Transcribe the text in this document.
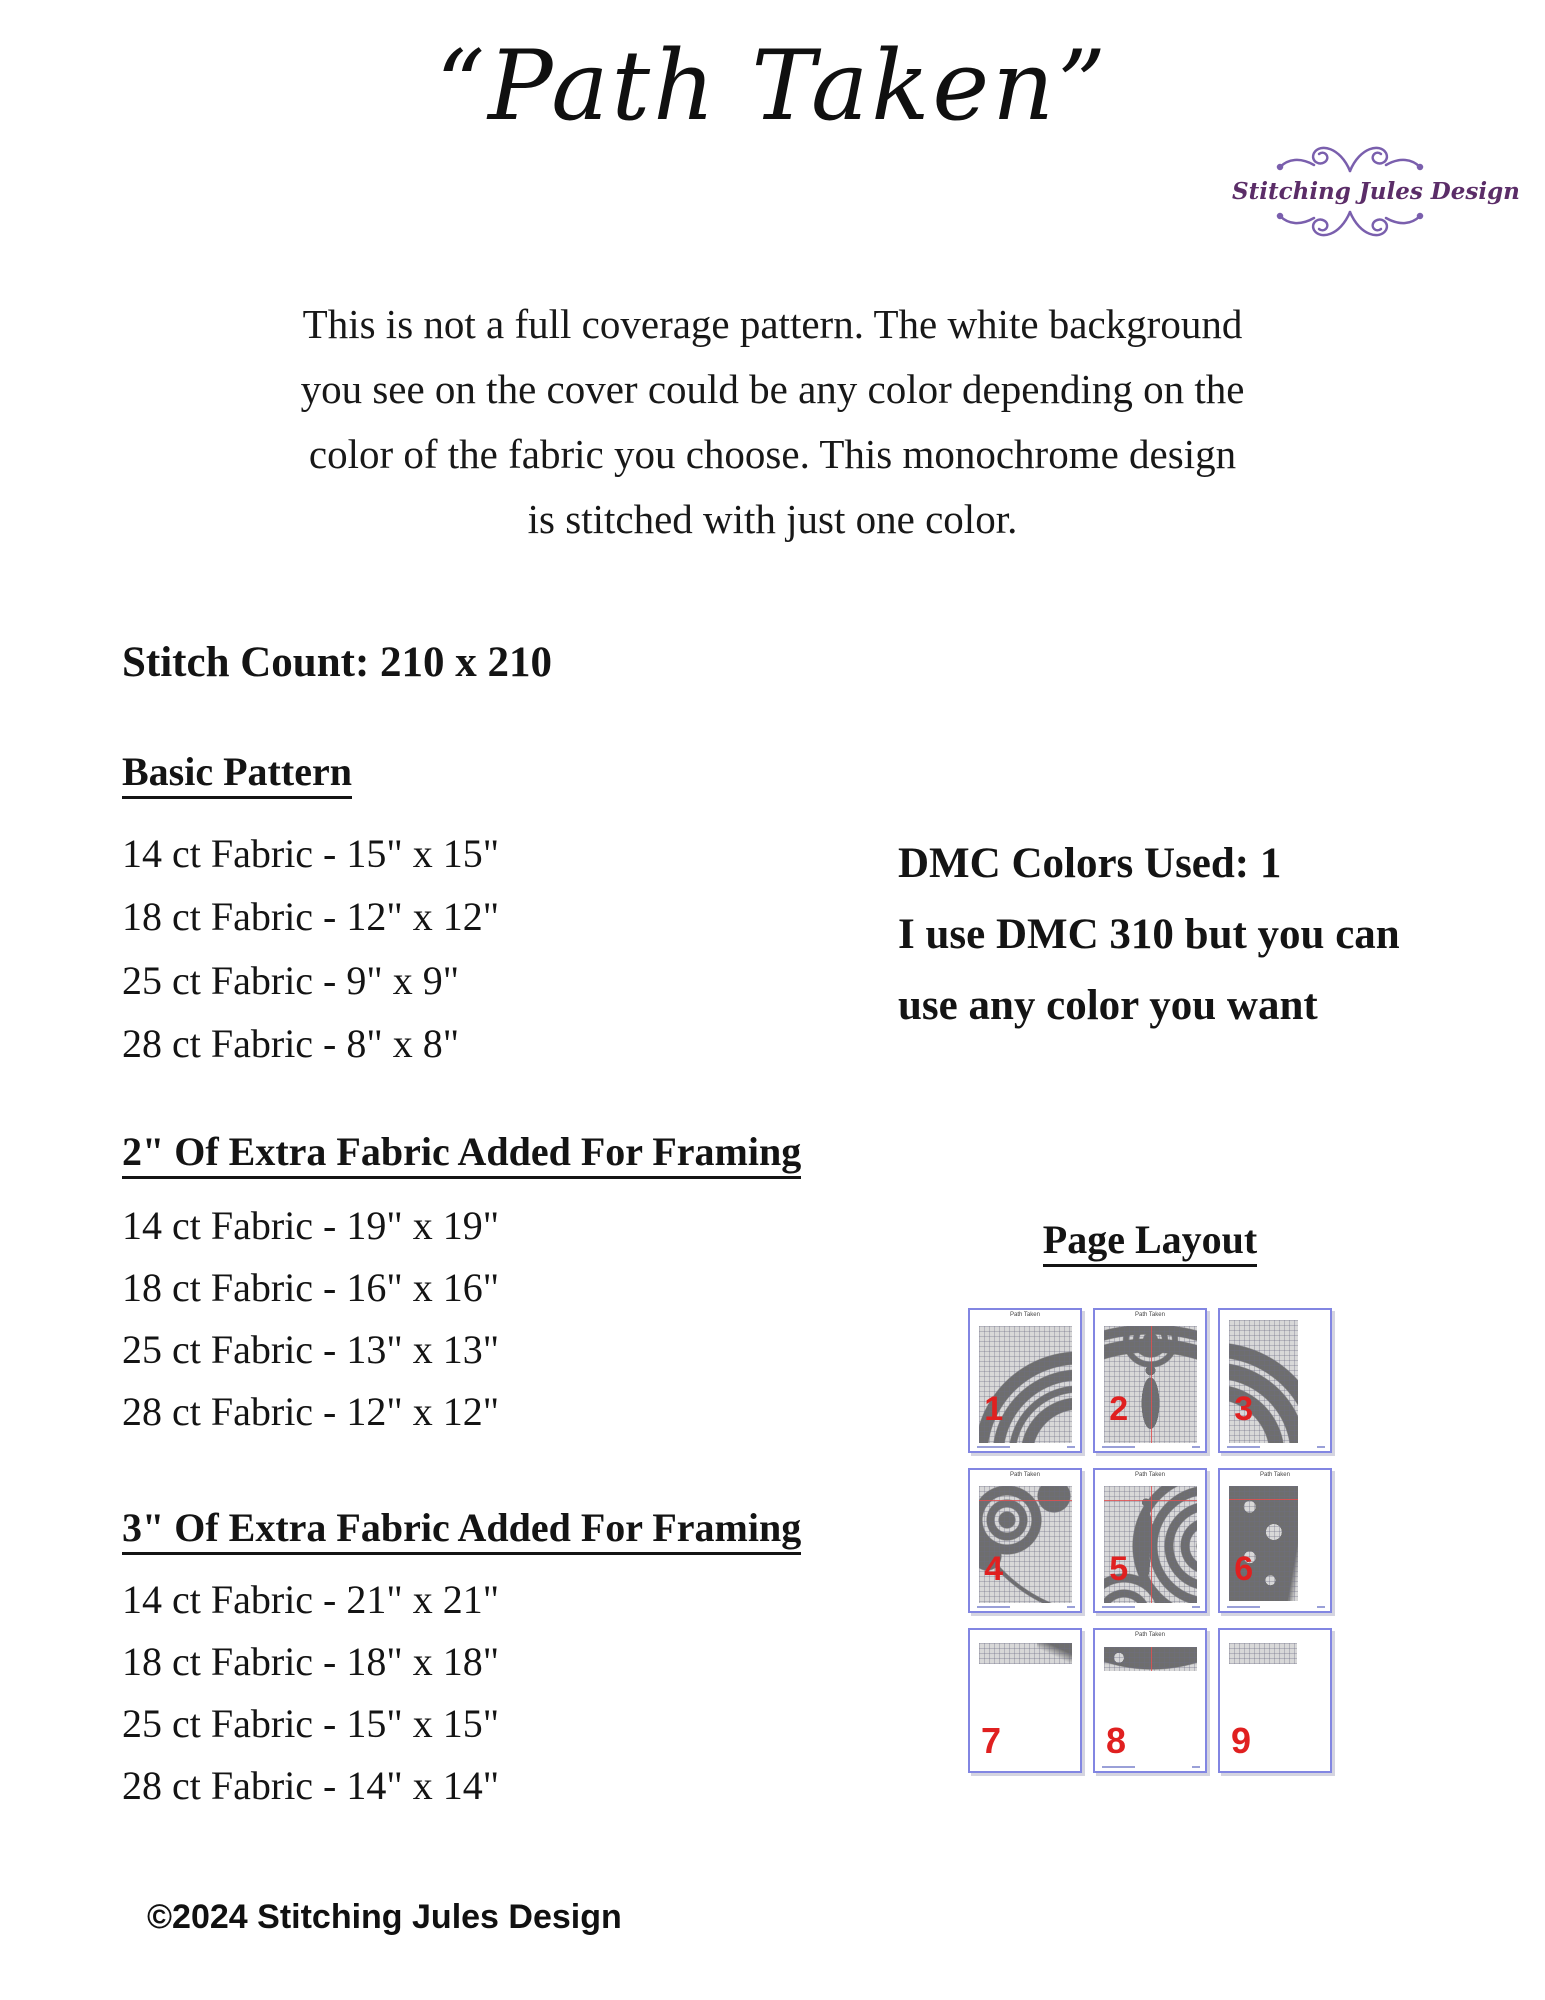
“Path Taken”
Stitching Jules Design
This is not a full coverage pattern. The white background
you see on the cover could be any color depending on the
color of the fabric you choose. This monochrome design
is stitched with just one color.
Stitch Count: 210 x 210
Basic Pattern
14 ct Fabric - 15" x 15"
18 ct Fabric - 12" x 12"
25 ct Fabric - 9" x 9"
28 ct Fabric - 8" x 8"
DMC Colors Used: 1
I use DMC 310 but you can
use any color you want
2" Of Extra Fabric Added For Framing
14 ct Fabric - 19" x 19"
18 ct Fabric - 16" x 16"
25 ct Fabric - 13" x 13"
28 ct Fabric - 12" x 12"
Page Layout
Path Taken
1
Path Taken
2	3
Path Taken
4
Path Taken
5
Path Taken
6
7
Path Taken
8	9
3" Of Extra Fabric Added For Framing
14 ct Fabric - 21" x 21"
18 ct Fabric - 18" x 18"
25 ct Fabric - 15" x 15"
28 ct Fabric - 14" x 14"
©2024 Stitching Jules Design
